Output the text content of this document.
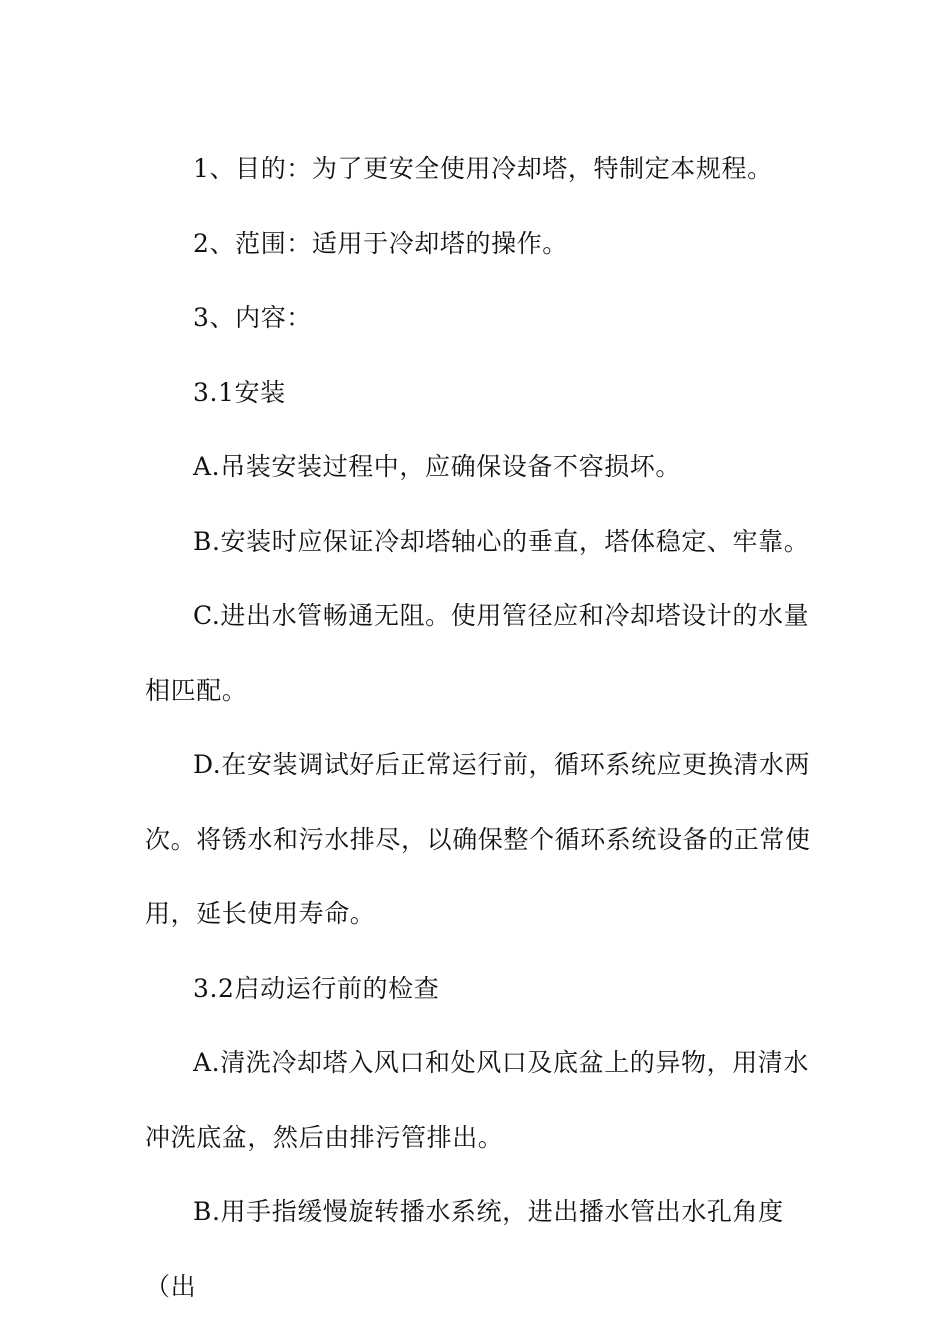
1、目的：为了更安全使用冷却塔，特制定本规程。

2、范围：适用于冷却塔的操作。

3、内容：

3.1安装

A.吊装安装过程中，应确保设备不容损坏。

B.安装时应保证冷却塔轴心的垂直，塔体稳定、牢靠。

C.进出水管畅通无阻。使用管径应和冷却塔设计的水量相匹配。

D.在安装调试好后正常运行前，循环系统应更换清水两次。将锈水和污水排尽，以确保整个循环系统设备的正常使用，延长使用寿命。

3.2启动运行前的检查

A.清洗冷却塔入风口和处风口及底盆上的异物，用清水冲洗底盆，然后由排污管排出。

B.用手指缓慢旋转播水系统，进出播水管出水孔角度（出
